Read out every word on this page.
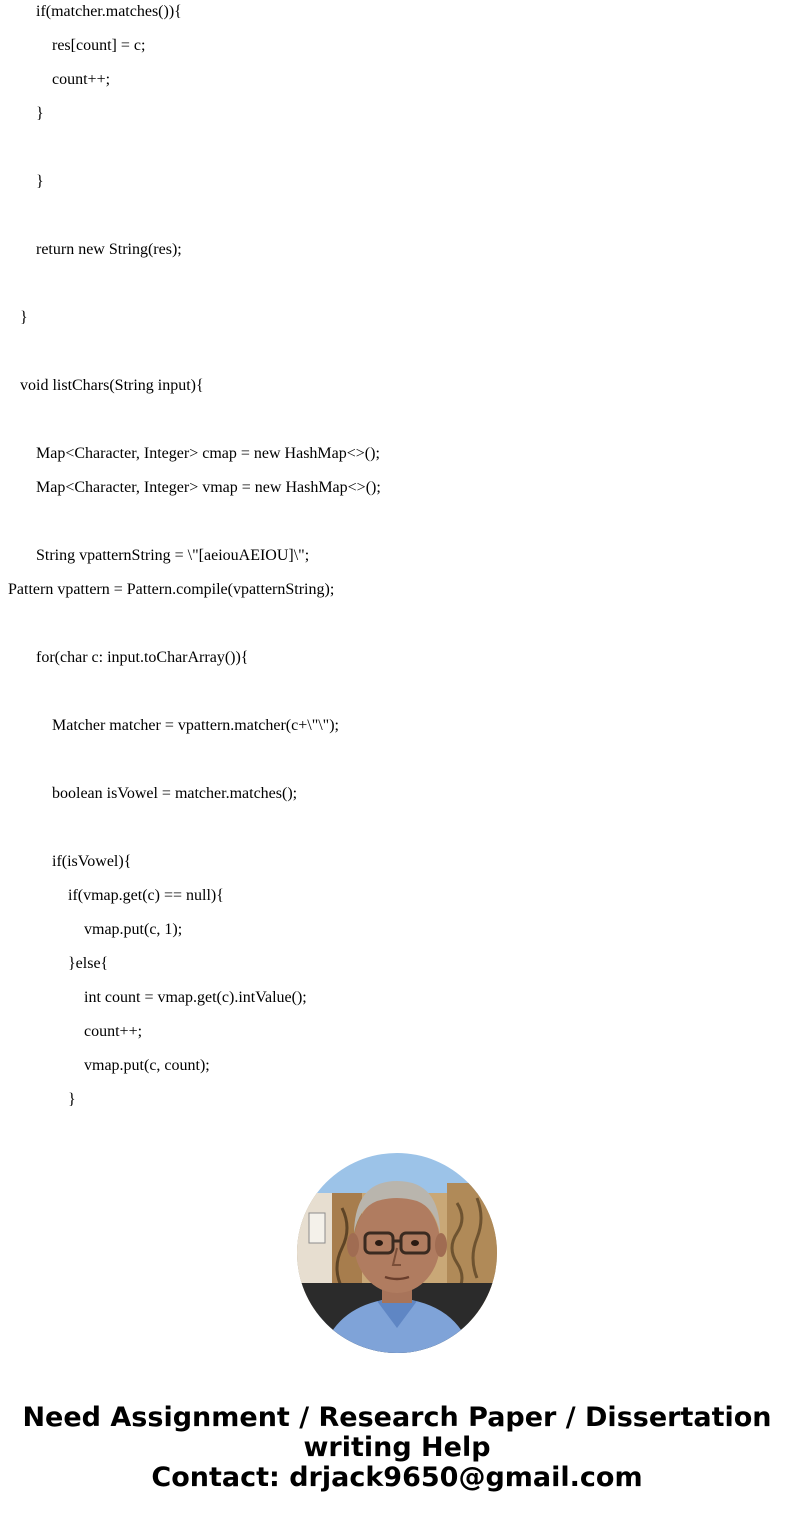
if(matcher.matches()){
res[count] = c;
count++;
}
}
return new String(res);
}
void listChars(String input){
Map<Character, Integer> cmap = new HashMap<>();
Map<Character, Integer> vmap = new HashMap<>();
String vpatternString = \"[aeiouAEIOU]\";
Pattern vpattern = Pattern.compile(vpatternString);
for(char c: input.toCharArray()){
Matcher matcher = vpattern.matcher(c+\"\");
boolean isVowel = matcher.matches();
if(isVowel){
if(vmap.get(c) == null){
vmap.put(c, 1);
}else{
int count = vmap.get(c).intValue();
count++;
vmap.put(c, count);
}
Need Assignment / Research Paper / Dissertation
writing Help
Contact: drjack9650@gmail.com
